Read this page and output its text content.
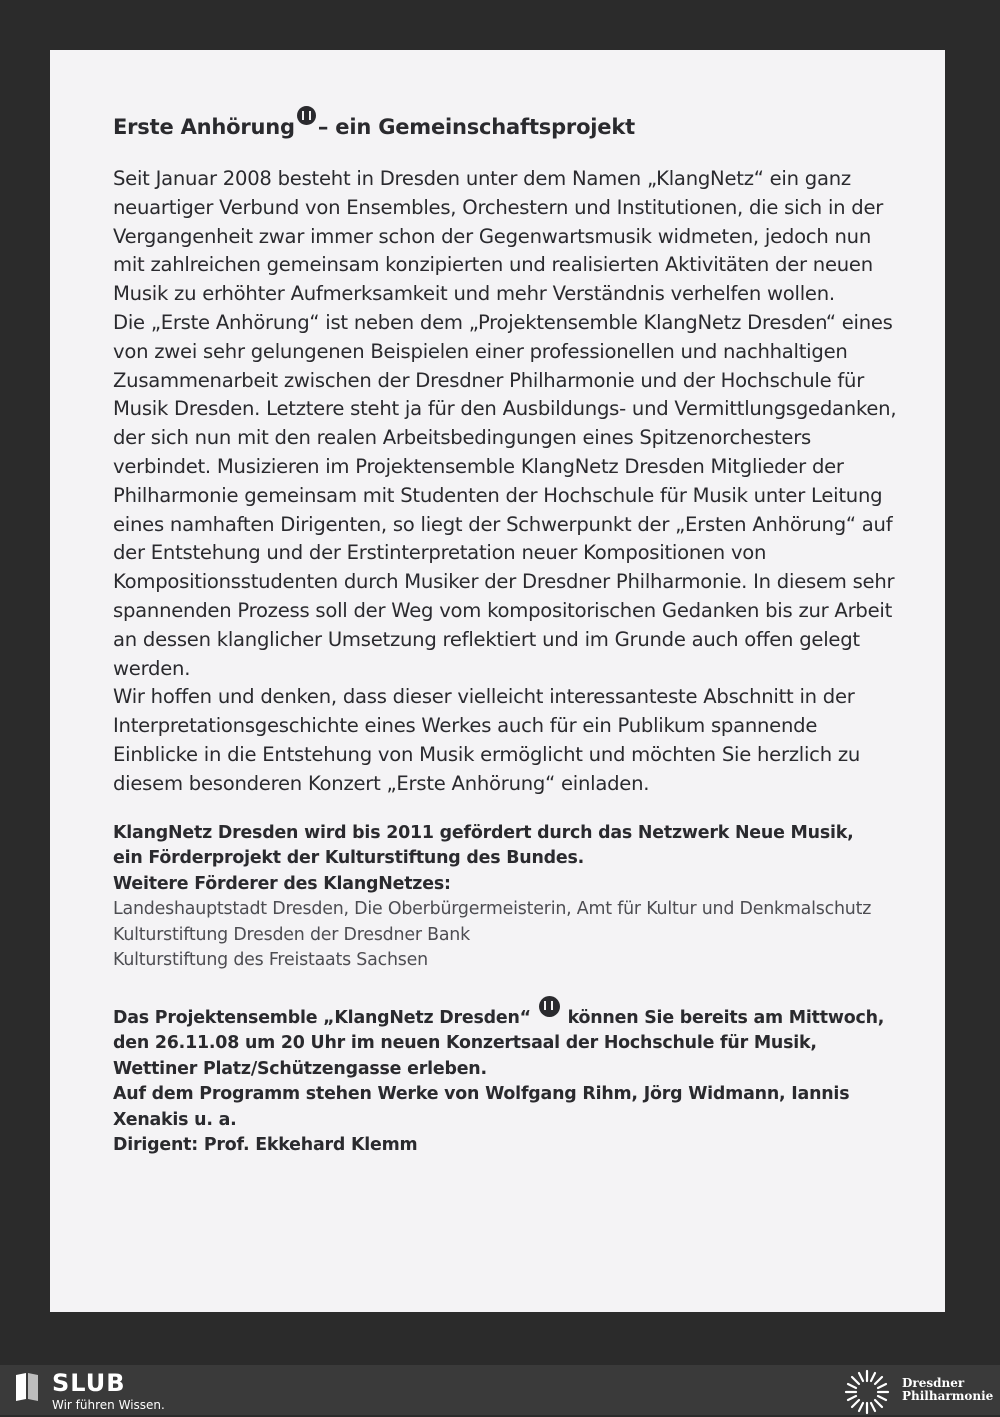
Erste Anhörung – ein Gemeinschaftsprojekt

Seit Januar 2008 besteht in Dresden unter dem Namen „KlangNetz“ ein ganz neuartiger Verbund von Ensembles, Orchestern und Institutionen, die sich in der Vergangenheit zwar immer schon der Gegenwartsmusik widmeten, jedoch nun mit zahlreichen gemeinsam konzipierten und realisierten Aktivitäten der neuen Musik zu erhöhter Aufmerksamkeit und mehr Verständnis verhelfen wollen.

Die „Erste Anhörung“ ist neben dem „Projektensemble KlangNetz Dresden“ eines von zwei sehr gelungenen Beispielen einer professionellen und nachhaltigen Zusammenarbeit zwischen der Dresdner Philharmonie und der Hochschule für Musik Dresden. Letztere steht ja für den Ausbildungs- und Vermittlungsgedanken, der sich nun mit den realen Arbeitsbedingungen eines Spitzenorchesters verbindet. Musizieren im Projektensemble KlangNetz Dresden Mitglieder der Philharmonie gemeinsam mit Studenten der Hochschule für Musik unter Leitung eines namhaften Dirigenten, so liegt der Schwerpunkt der „Ersten Anhörung“ auf der Entstehung und der Erstinterpretation neuer Kompositionen von Kompositionsstudenten durch Musiker der Dresdner Philharmonie. In diesem sehr spannenden Prozess soll der Weg vom kompositorischen Gedanken bis zur Arbeit an dessen klanglicher Umsetzung reflektiert und im Grunde auch offen gelegt werden.

Wir hoffen und denken, dass dieser vielleicht interessanteste Abschnitt in der Interpretationsgeschichte eines Werkes auch für ein Publikum spannende Einblicke in die Entstehung von Musik ermöglicht und möchten Sie herzlich zu diesem besonderen Konzert „Erste Anhörung“ einladen.

KlangNetz Dresden wird bis 2011 gefördert durch das Netzwerk Neue Musik,

ein Förderprojekt der Kulturstiftung des Bundes.

Weitere Förderer des KlangNetzes:

Landeshauptstadt Dresden, Die Oberbürgermeisterin, Amt für Kultur und Denkmalschutz

Kulturstiftung Dresden der Dresdner Bank

Kulturstiftung des Freistaats Sachsen

Das Projektensemble „KlangNetz Dresden“ können Sie bereits am Mittwoch, den 26.11.08 um 20 Uhr im neuen Konzertsaal der Hochschule für Musik, Wettiner Platz/Schützengasse erleben.

Auf dem Programm stehen Werke von Wolfgang Rihm, Jörg Widmann, Iannis Xenakis u. a.

Dirigent: Prof. Ekkehard Klemm

SLUB
Wir führen Wissen.
Dresdner
Philharmonie
